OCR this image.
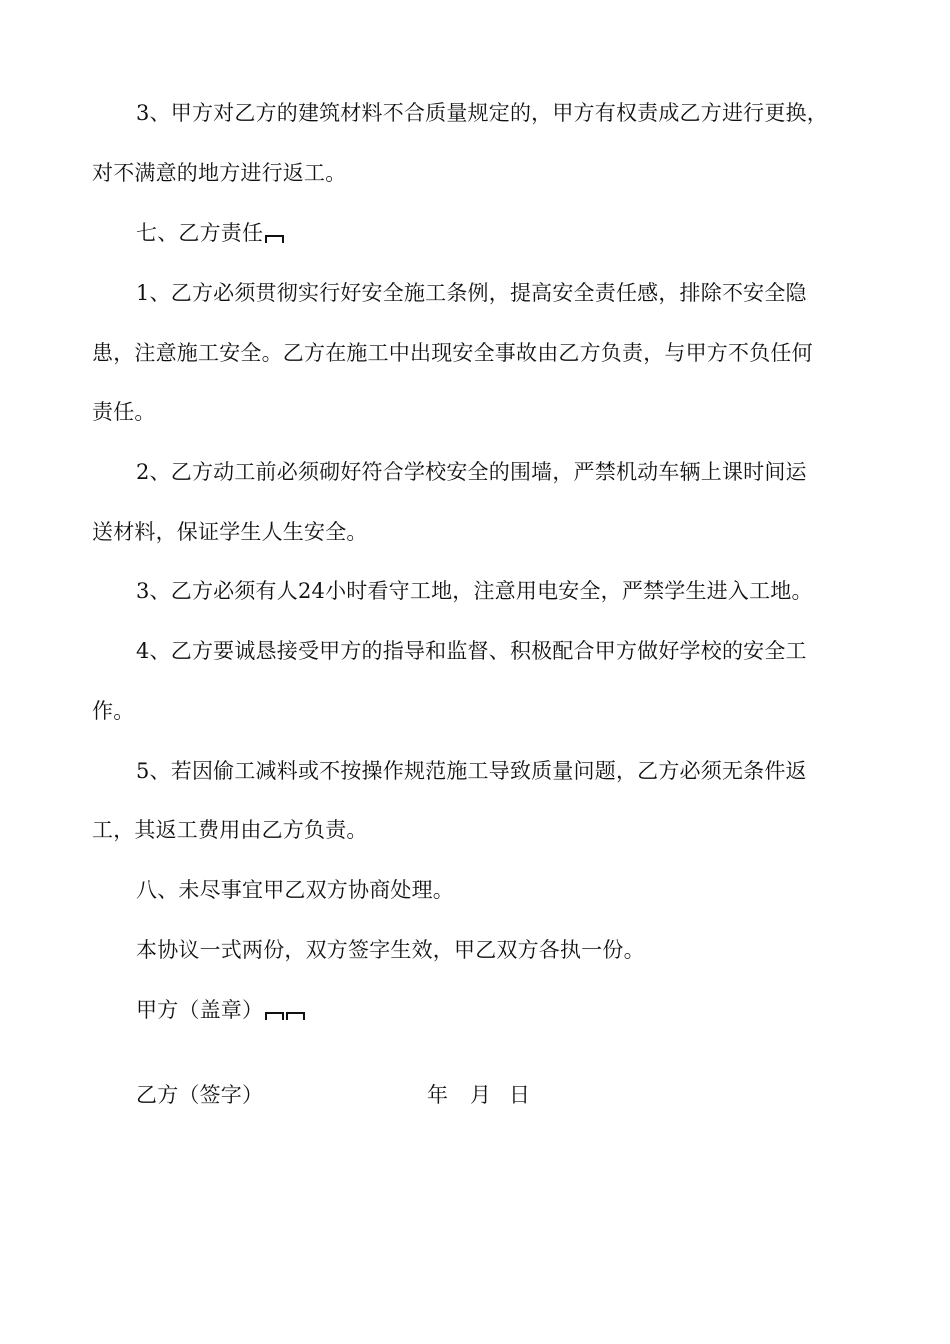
3、甲方对乙方的建筑材料不合质量规定的，甲方有权责成乙方进行更换，
对不满意的地方进行返工。
七、乙方责任
1、乙方必须贯彻实行好安全施工条例，提高安全责任感，排除不安全隐
患，注意施工安全。乙方在施工中出现安全事故由乙方负责，与甲方不负任何
责任。
2、乙方动工前必须砌好符合学校安全的围墙，严禁机动车辆上课时间运
送材料，保证学生人生安全。
3、乙方必须有人24小时看守工地，注意用电安全，严禁学生进入工地。
4、乙方要诚恳接受甲方的指导和监督、积极配合甲方做好学校的安全工
作。
5、若因偷工减料或不按操作规范施工导致质量问题，乙方必须无条件返
工，其返工费用由乙方负责。
八、未尽事宜甲乙双方协商处理。
本协议一式两份，双方签字生效，甲乙双方各执一份。
甲方（盖章）
乙方（签字）	年 月 日
